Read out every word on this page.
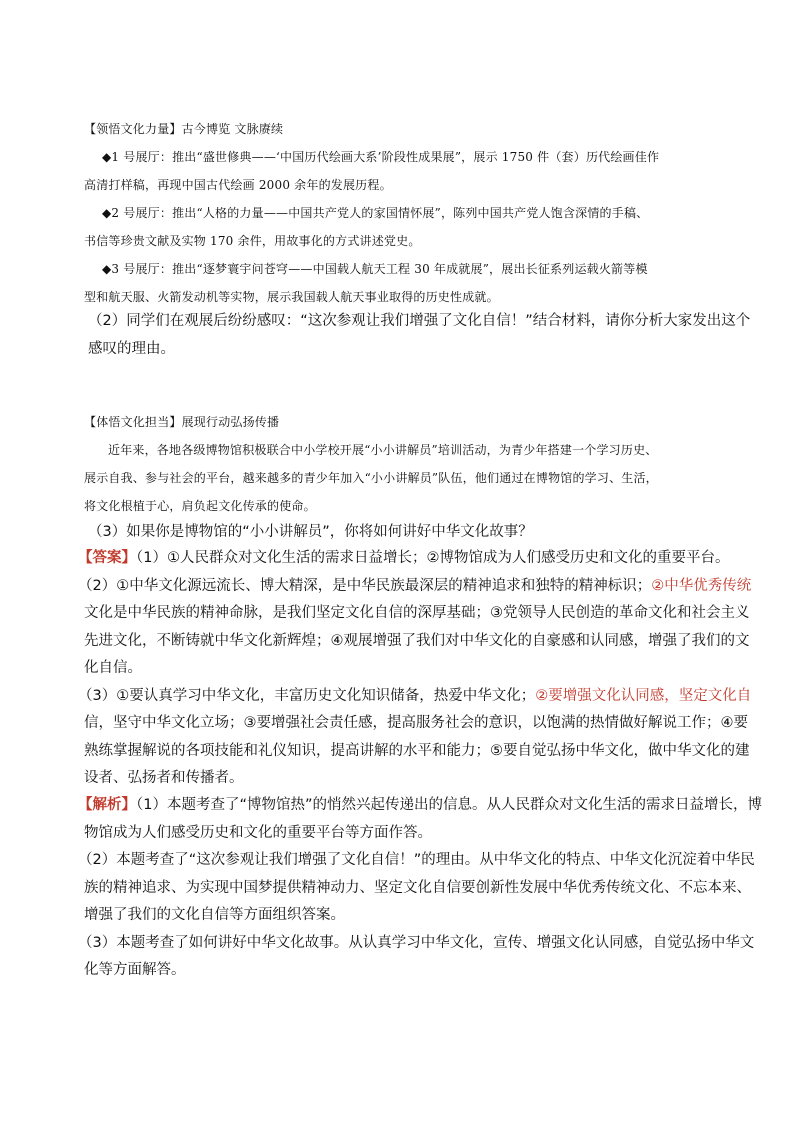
【领悟文化力量】古今博览 文脉赓续
◆1 号展厅：推出“盛世修典——‘中国历代绘画大系’阶段性成果展”，展示 1750 件（套）历代绘画佳作
高清打样稿，再现中国古代绘画 2000 余年的发展历程。
◆2 号展厅：推出“人格的力量——中国共产党人的家国情怀展”，陈列中国共产党人饱含深情的手稿、
书信等珍贵文献及实物 170 余件，用故事化的方式讲述党史。
◆3 号展厅：推出“逐梦寰宇问苍穹——中国载人航天工程 30 年成就展”，展出长征系列运载火箭等模
型和航天服、火箭发动机等实物，展示我国载人航天事业取得的历史性成就。
（2）同学们在观展后纷纷感叹：“这次参观让我们增强了文化自信！”结合材料，请你分析大家发出这个
感叹的理由。
【体悟文化担当】展现行动弘扬传播
近年来，各地各级博物馆积极联合中小学校开展“小小讲解员”培训活动，为青少年搭建一个学习历史、
展示自我、参与社会的平台，越来越多的青少年加入“小小讲解员”队伍，他们通过在博物馆的学习、生活，
将文化根植于心，肩负起文化传承的使命。
（3）如果你是博物馆的“小小讲解员”，你将如何讲好中华文化故事？
【答案】（1）①人民群众对文化生活的需求日益增长；②博物馆成为人们感受历史和文化的重要平台。
（2）①中华文化源远流长、博大精深，是中华民族最深层的精神追求和独特的精神标识；②中华优秀传统
文化是中华民族的精神命脉，是我们坚定文化自信的深厚基础；③党领导人民创造的革命文化和社会主义
先进文化，不断铸就中华文化新辉煌；④观展增强了我们对中华文化的自豪感和认同感，增强了我们的文
化自信。
（3）①要认真学习中华文化，丰富历史文化知识储备，热爱中华文化；②要增强文化认同感，坚定文化自
信，坚守中华文化立场；③要增强社会责任感，提高服务社会的意识，以饱满的热情做好解说工作；④要
熟练掌握解说的各项技能和礼仪知识，提高讲解的水平和能力；⑤要自觉弘扬中华文化，做中华文化的建
设者、弘扬者和传播者。
【解析】（1）本题考查了“博物馆热”的悄然兴起传递出的信息。从人民群众对文化生活的需求日益增长，博
物馆成为人们感受历史和文化的重要平台等方面作答。
（2）本题考查了“这次参观让我们增强了文化自信！”的理由。从中华文化的特点、中华文化沉淀着中华民
族的精神追求、为实现中国梦提供精神动力、坚定文化自信要创新性发展中华优秀传统文化、不忘本来、
增强了我们的文化自信等方面组织答案。
（3）本题考查了如何讲好中华文化故事。从认真学习中华文化，宣传、增强文化认同感，自觉弘扬中华文
化等方面解答。
